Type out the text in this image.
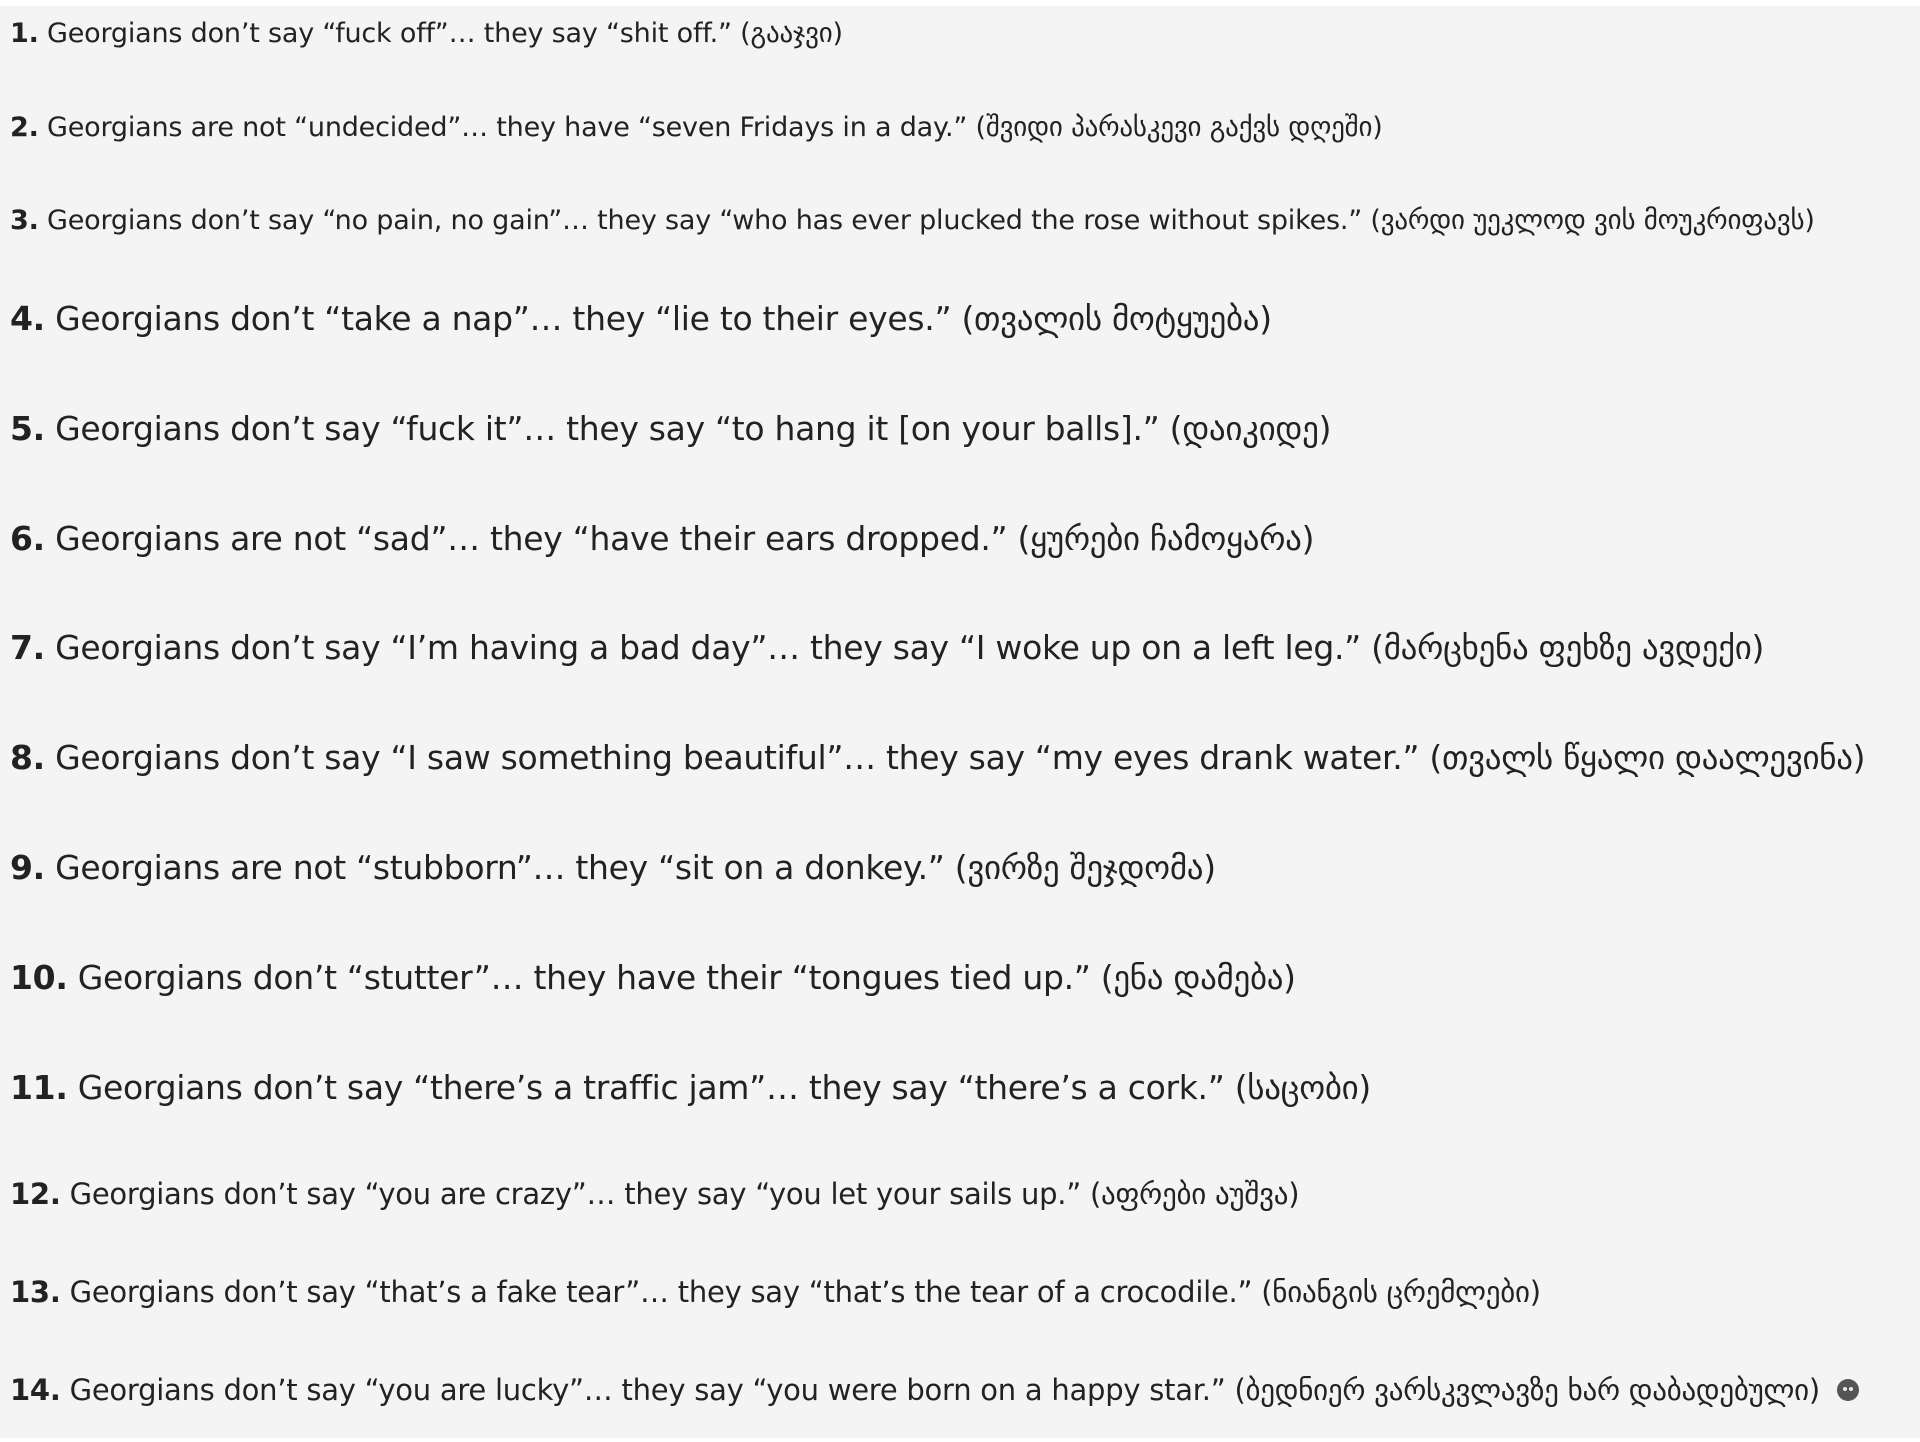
1. Georgians don’t say “fuck off”… they say “shit off.” (გააჯვი)
2. Georgians are not “undecided”… they have “seven Fridays in a day.” (შვიდი პარასკევი გაქვს დღეში)
3. Georgians don’t say “no pain, no gain”… they say “who has ever plucked the rose without spikes.” (ვარდი უეკლოდ ვის მოუკრიფავს)
4. Georgians don’t “take a nap”… they “lie to their eyes.” (თვალის მოტყუება)
5. Georgians don’t say “fuck it”… they say “to hang it [on your balls].” (დაიკიდე)
6. Georgians are not “sad”… they “have their ears dropped.” (ყურები ჩამოყარა)
7. Georgians don’t say “I’m having a bad day”… they say “I woke up on a left leg.” (მარცხენა ფეხზე ავდექი)
8. Georgians don’t say “I saw something beautiful”… they say “my eyes drank water.” (თვალს წყალი დაალევინა)
9. Georgians are not “stubborn”… they “sit on a donkey.” (ვირზე შეჯდომა)
10. Georgians don’t “stutter”… they have their “tongues tied up.” (ენა დამება)
11. Georgians don’t say “there’s a traffic jam”… they say “there’s a cork.” (საცობი)
12. Georgians don’t say “you are crazy”… they say “you let your sails up.” (აფრები აუშვა)
13. Georgians don’t say “that’s a fake tear”… they say “that’s the tear of a crocodile.” (ნიანგის ცრემლები)
14. Georgians don’t say “you are lucky”… they say “you were born on a happy star.” (ბედნიერ ვარსკვლავზე ხარ დაბადებული)
